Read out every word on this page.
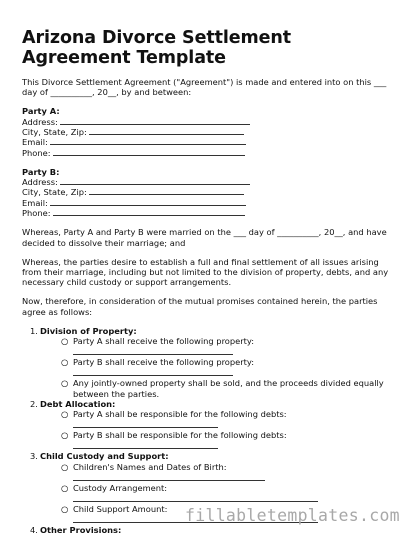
Arizona Divorce Settlement Agreement Template

This Divorce Settlement Agreement ("Agreement") is made and entered into on this ___ day of __________, 20__, by and between:

Party A:
Address:
City, State, Zip:
Email:
Phone:
Party B:
Address:
City, State, Zip:
Email:
Phone:

Whereas, Party A and Party B were married on the ___ day of __________, 20__, and have decided to dissolve their marriage; and

Whereas, the parties desire to establish a full and final settlement of all issues arising from their marriage, including but not limited to the division of property, debts, and any necessary child custody or support arrangements.

Now, therefore, in consideration of the mutual promises contained herein, the parties agree as follows:

1. Division of Property:
○ Party A shall receive the following property:
○ Party B shall receive the following property:
○ Any jointly-owned property shall be sold, and the proceeds divided equally between the parties.
2. Debt Allocation:
○ Party A shall be responsible for the following debts:
○ Party B shall be responsible for the following debts:
3. Child Custody and Support:
○ Children's Names and Dates of Birth:
○ Custody Arrangement:
○ Child Support Amount:
4. Other Provisions:
fillabletemplates.com
